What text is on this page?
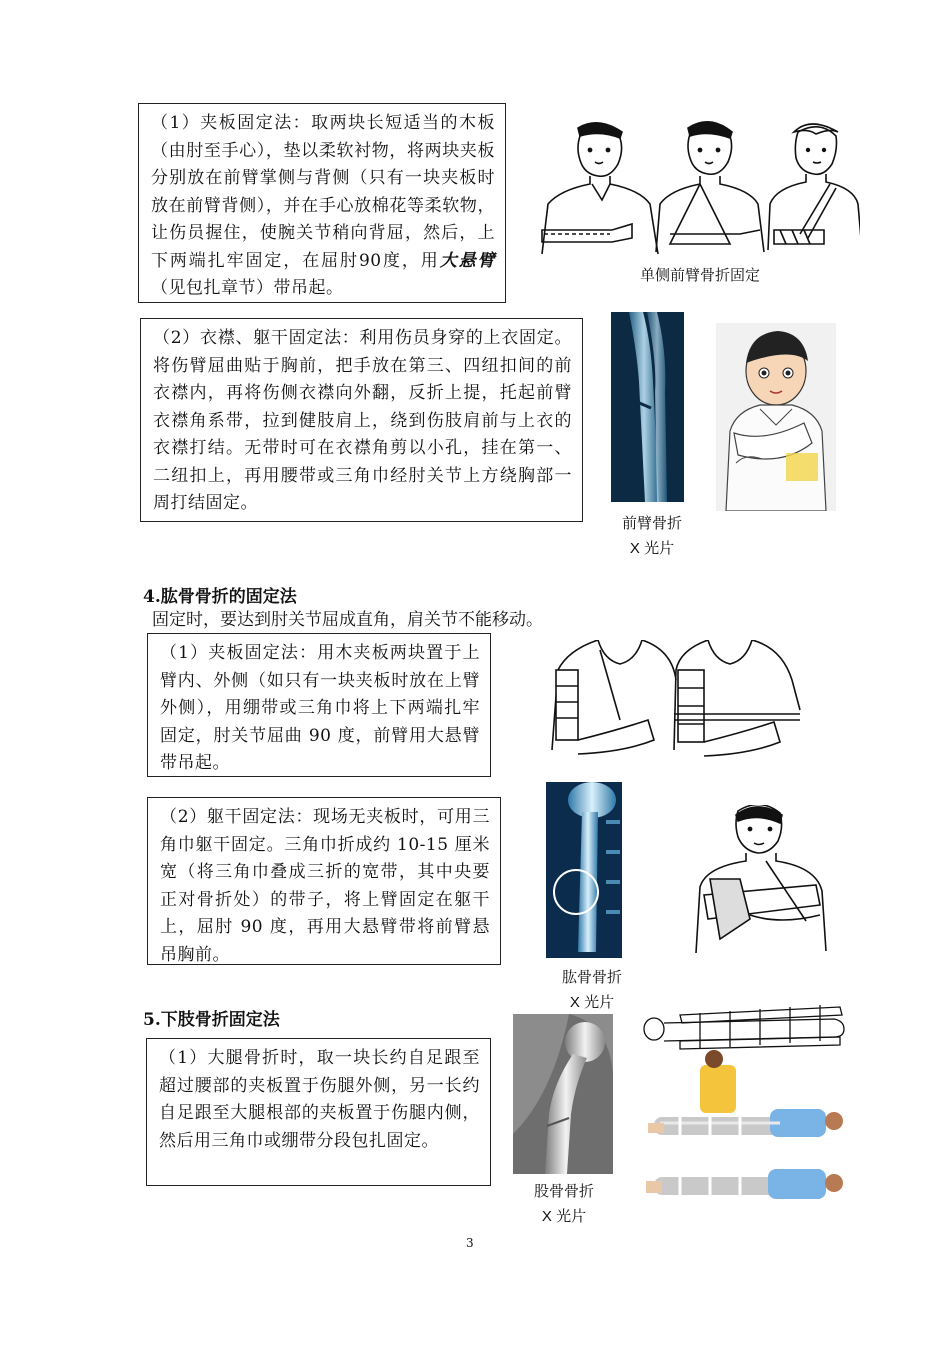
（1）夹板固定法：取两块长短适当的木板（由肘至手心），垫以柔软衬物，将两块夹板分别放在前臂掌侧与背侧（只有一块夹板时放在前臂背侧），并在手心放棉花等柔软物，让伤员握住，使腕关节稍向背屈，然后，上下两端扎牢固定，在屈肘90度，用大悬臂（见包扎章节）带吊起。

单侧前臂骨折固定

（2）衣襟、躯干固定法：利用伤员身穿的上衣固定。将伤臂屈曲贴于胸前，把手放在第三、四纽扣间的前衣襟内，再将伤侧衣襟向外翻，反折上提，托起前臂衣襟角系带，拉到健肢肩上，绕到伤肢肩前与上衣的衣襟打结。无带时可在衣襟角剪以小孔，挂在第一、二纽扣上，再用腰带或三角巾经肘关节上方绕胸部一周打结固定。

前臂骨折
X 光片
4.肱骨骨折的固定法
固定时，要达到肘关节屈成直角，肩关节不能移动。

（1）夹板固定法：用木夹板两块置于上臂内、外侧（如只有一块夹板时放在上臂外侧），用绷带或三角巾将上下两端扎牢固定，肘关节屈曲 90 度，前臂用大悬臂带吊起。

（2）躯干固定法：现场无夹板时，可用三角巾躯干固定。三角巾折成约 10-15 厘米宽（将三角巾叠成三折的宽带，其中央要正对骨折处）的带子，将上臂固定在躯干上，屈肘 90 度，再用大悬臂带将前臂悬吊胸前。

肱骨骨折
X 光片
5.下肢骨折固定法

（1）大腿骨折时，取一块长约自足跟至超过腰部的夹板置于伤腿外侧，另一长约自足跟至大腿根部的夹板置于伤腿内侧，然后用三角巾或绷带分段包扎固定。

股骨骨折
X 光片
3
